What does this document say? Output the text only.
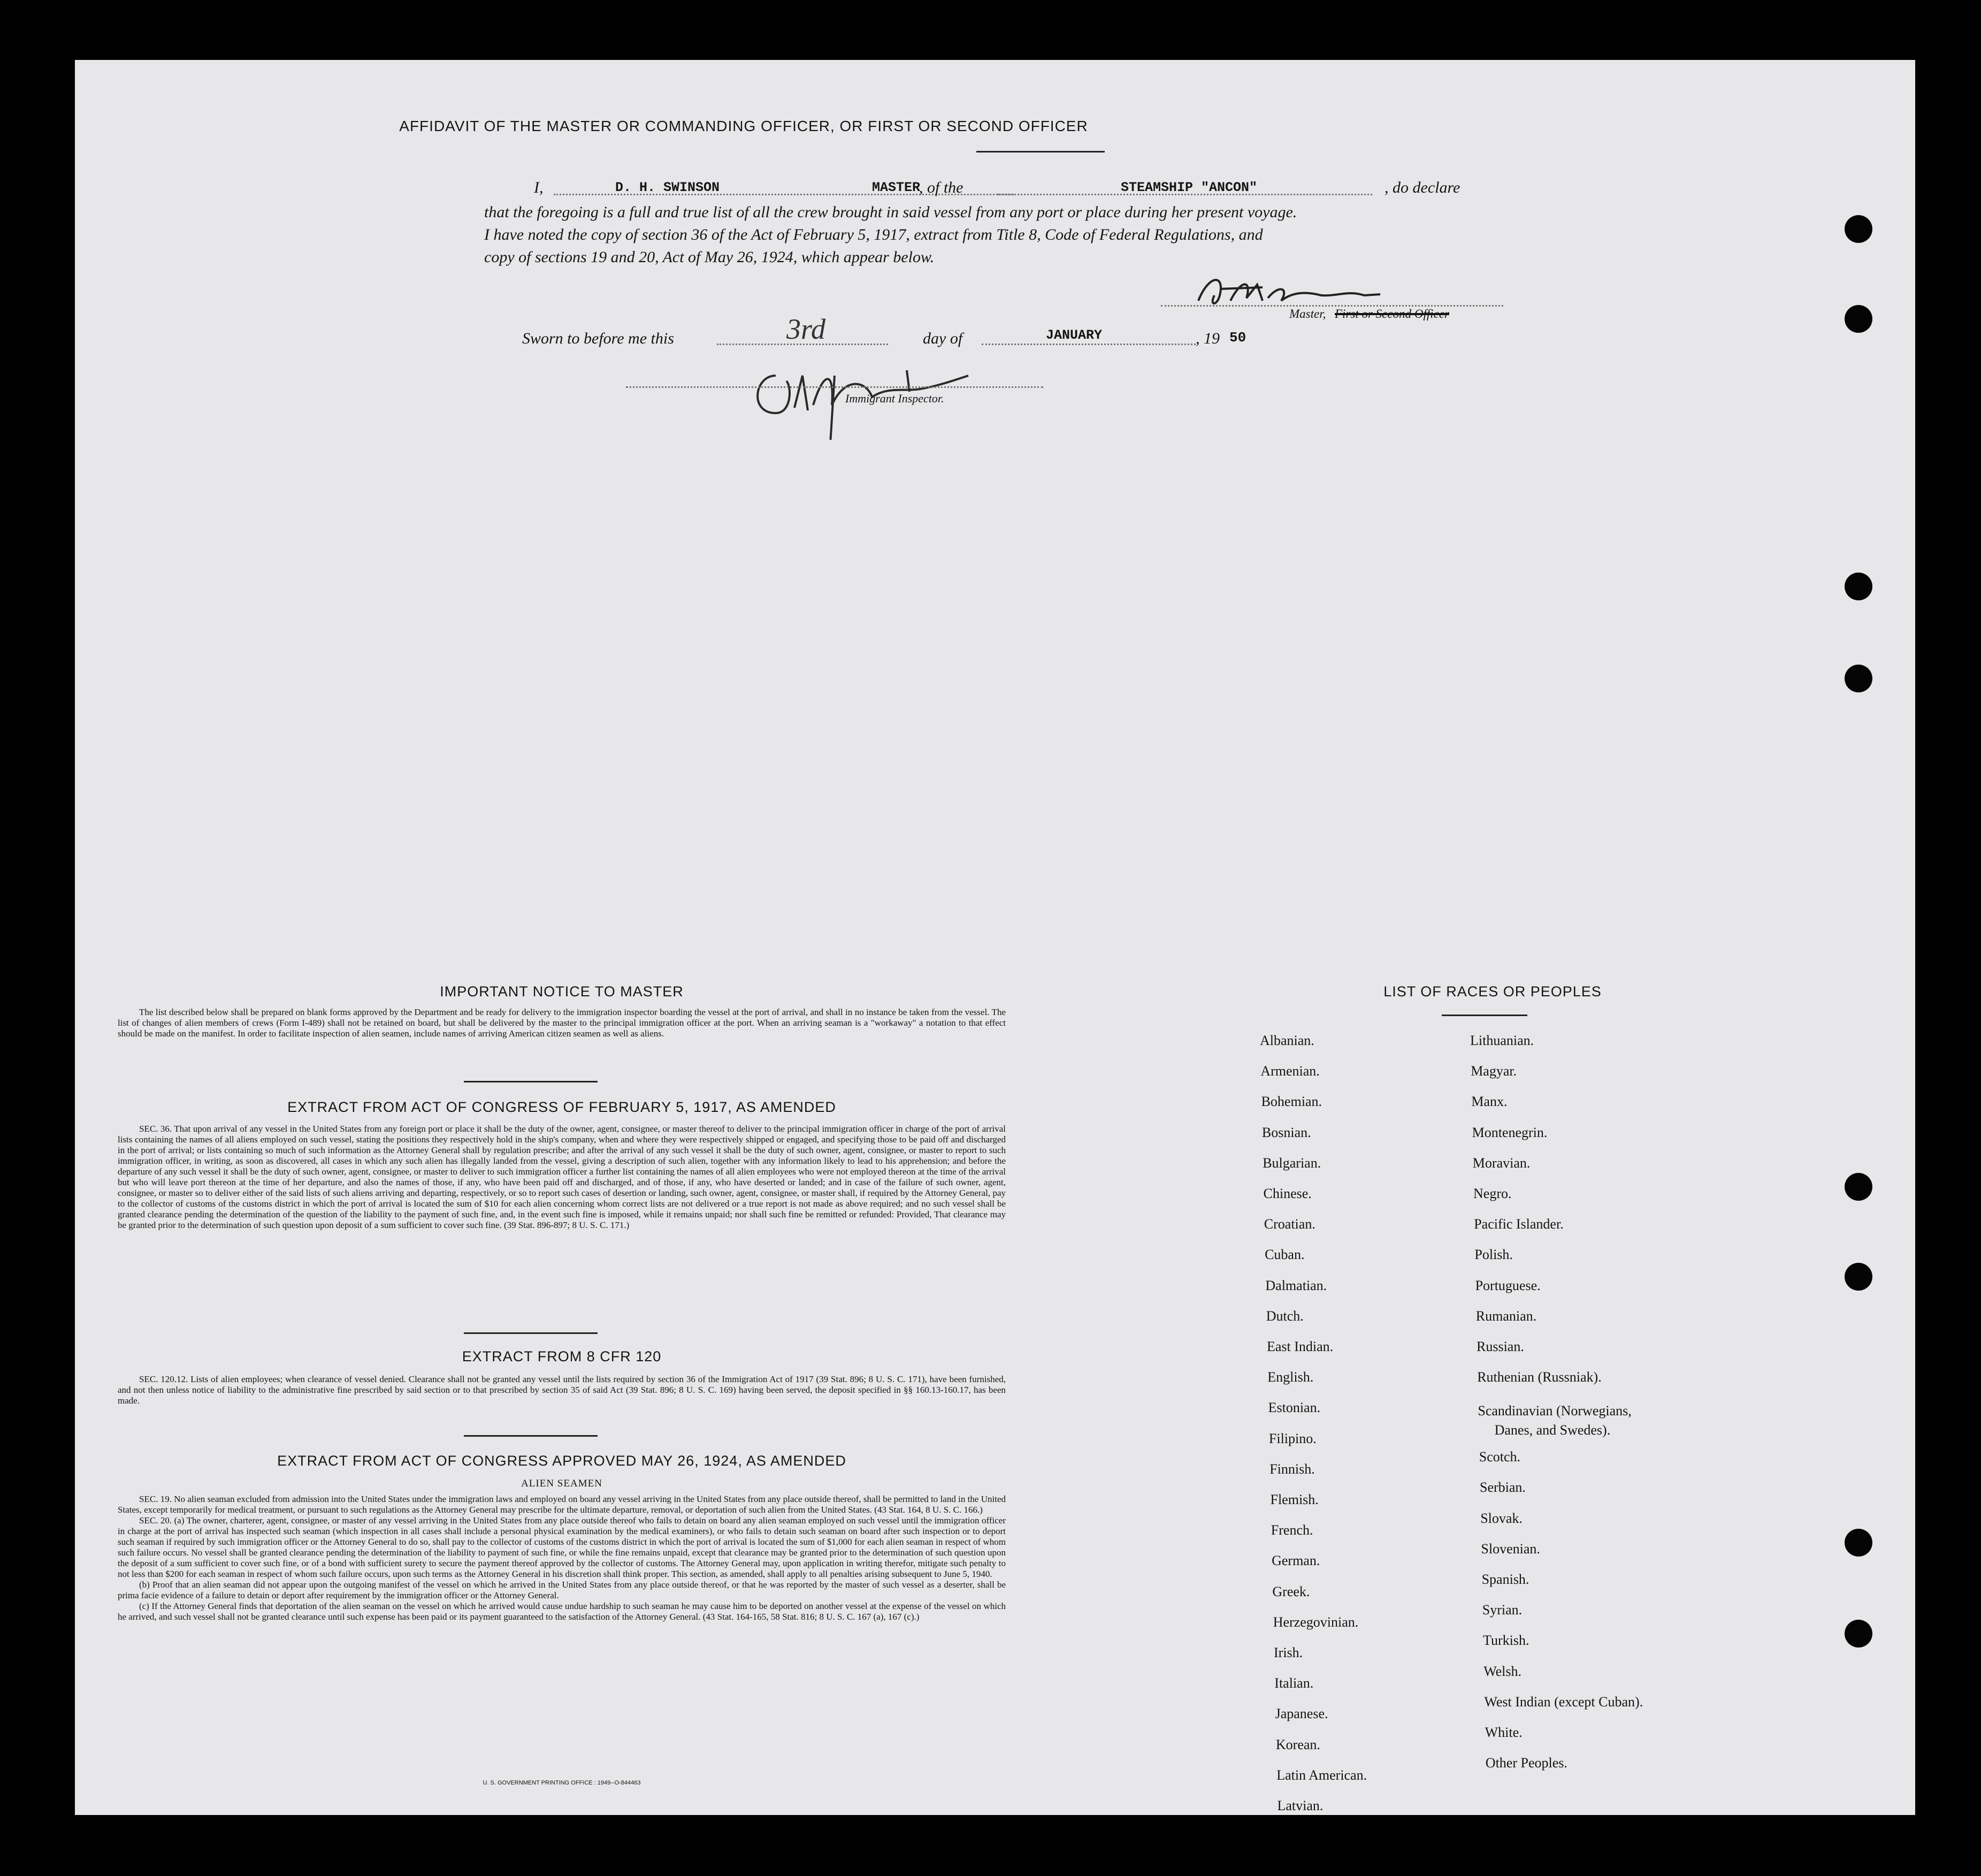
AFFIDAVIT OF THE MASTER OR COMMANDING OFFICER, OR FIRST OR SECOND OFFICER
I,	D. H. SWINSON	MASTER
, of the	STEAMSHIP "ANCON"	, do declare
that the foregoing is a full and true list of all the crew brought in said vessel from any port or place during her present voyage.
I have noted the copy of section 36 of the Act of February 5, 1917, extract from Title 8, Code of Federal Regulations, and
copy of sections 19 and 20, Act of May 26, 1924, which appear below.
Master, First or Second Officer
Sworn to before me this	3rd	day of	JANUARY	, 19 50
Immigrant Inspector.
IMPORTANT NOTICE TO MASTER
The list described below shall be prepared on blank forms approved by the Department and be ready for delivery to the immigration inspector boarding the vessel at the port of arrival, and shall in no instance be taken from the vessel. The list of changes of alien members of crews (Form I-489) shall not be retained on board, but shall be delivered by the master to the principal immigration officer at the port. When an arriving seaman is a "workaway" a notation to that effect should be made on the manifest. In order to facilitate inspection of alien seamen, include names of arriving American citizen seamen as well as aliens.
EXTRACT FROM ACT OF CONGRESS OF FEBRUARY 5, 1917, AS AMENDED
SEC. 36. That upon arrival of any vessel in the United States from any foreign port or place it shall be the duty of the owner, agent, consignee, or master thereof to deliver to the principal immigration officer in charge of the port of arrival lists containing the names of all aliens employed on such vessel, stating the positions they respectively hold in the ship's company, when and where they were respectively shipped or engaged, and specifying those to be paid off and discharged in the port of arrival; or lists containing so much of such information as the Attorney General shall by regulation prescribe; and after the arrival of any such vessel it shall be the duty of such owner, agent, consignee, or master to report to such immigration officer, in writing, as soon as discovered, all cases in which any such alien has illegally landed from the vessel, giving a description of such alien, together with any information likely to lead to his apprehension; and before the departure of any such vessel it shall be the duty of such owner, agent, consignee, or master to deliver to such immigration officer a further list containing the names of all alien employees who were not employed thereon at the time of the arrival but who will leave port thereon at the time of her departure, and also the names of those, if any, who have been paid off and discharged, and of those, if any, who have deserted or landed; and in case of the failure of such owner, agent, consignee, or master so to deliver either of the said lists of such aliens arriving and departing, respectively, or so to report such cases of desertion or landing, such owner, agent, consignee, or master shall, if required by the Attorney General, pay to the collector of customs of the customs district in which the port of arrival is located the sum of $10 for each alien concerning whom correct lists are not delivered or a true report is not made as above required; and no such vessel shall be granted clearance pending the determination of the question of the liability to the payment of such fine, and, in the event such fine is imposed, while it remains unpaid; nor shall such fine be remitted or refunded: Provided, That clearance may be granted prior to the determination of such question upon deposit of a sum sufficient to cover such fine. (39 Stat. 896-897; 8 U. S. C. 171.)
EXTRACT FROM 8 CFR 120
SEC. 120.12. Lists of alien employees; when clearance of vessel denied. Clearance shall not be granted any vessel until the lists required by section 36 of the Immigration Act of 1917 (39 Stat. 896; 8 U. S. C. 171), have been furnished, and not then unless notice of liability to the administrative fine prescribed by said section or to that prescribed by section 35 of said Act (39 Stat. 896; 8 U. S. C. 169) having been served, the deposit specified in §§ 160.13-160.17, has been made.
EXTRACT FROM ACT OF CONGRESS APPROVED MAY 26, 1924, AS AMENDED
ALIEN SEAMEN
SEC. 19. No alien seaman excluded from admission into the United States under the immigration laws and employed on board any vessel arriving in the United States from any place outside thereof, shall be permitted to land in the United States, except temporarily for medical treatment, or pursuant to such regulations as the Attorney General may prescribe for the ultimate departure, removal, or deportation of such alien from the United States. (43 Stat. 164, 8 U. S. C. 166.)
SEC. 20. (a) The owner, charterer, agent, consignee, or master of any vessel arriving in the United States from any place outside thereof who fails to detain on board any alien seaman employed on such vessel until the immigration officer in charge at the port of arrival has inspected such seaman (which inspection in all cases shall include a personal physical examination by the medical examiners), or who fails to detain such seaman on board after such inspection or to deport such seaman if required by such immigration officer or the Attorney General to do so, shall pay to the collector of customs of the customs district in which the port of arrival is located the sum of $1,000 for each alien seaman in respect of whom such failure occurs. No vessel shall be granted clearance pending the determination of the liability to payment of such fine, or while the fine remains unpaid, except that clearance may be granted prior to the determination of such question upon the deposit of a sum sufficient to cover such fine, or of a bond with sufficient surety to secure the payment thereof approved by the collector of customs. The Attorney General may, upon application in writing therefor, mitigate such penalty to not less than $200 for each seaman in respect of whom such failure occurs, upon such terms as the Attorney General in his discretion shall think proper. This section, as amended, shall apply to all penalties arising subsequent to June 5, 1940.
(b) Proof that an alien seaman did not appear upon the outgoing manifest of the vessel on which he arrived in the United States from any place outside thereof, or that he was reported by the master of such vessel as a deserter, shall be prima facie evidence of a failure to detain or deport after requirement by the immigration officer or the Attorney General.
(c) If the Attorney General finds that deportation of the alien seaman on the vessel on which he arrived would cause undue hardship to such seaman he may cause him to be deported on another vessel at the expense of the vessel on which he arrived, and such vessel shall not be granted clearance until such expense has been paid or its payment guaranteed to the satisfaction of the Attorney General. (43 Stat. 164-165, 58 Stat. 816; 8 U. S. C. 167 (a), 167 (c).)
U. S. GOVERNMENT PRINTING OFFICE : 1949--O-844463
LIST OF RACES OR PEOPLES
Albanian.
Armenian.
Bohemian.
Bosnian.
Bulgarian.
Chinese.
Croatian.
Cuban.
Dalmatian.
Dutch.
East Indian.
English.
Estonian.
Filipino.
Finnish.
Flemish.
French.
German.
Greek.
Herzegovinian.
Irish.
Italian.
Japanese.
Korean.
Latin American.
Latvian.
Lithuanian.
Magyar.
Manx.
Montenegrin.
Moravian.
Negro.
Pacific Islander.
Polish.
Portuguese.
Rumanian.
Russian.
Ruthenian (Russniak).
Scandinavian (Norwegians,
Danes, and Swedes).
Scotch.
Serbian.
Slovak.
Slovenian.
Spanish.
Syrian.
Turkish.
Welsh.
West Indian (except Cuban).
White.
Other Peoples.
